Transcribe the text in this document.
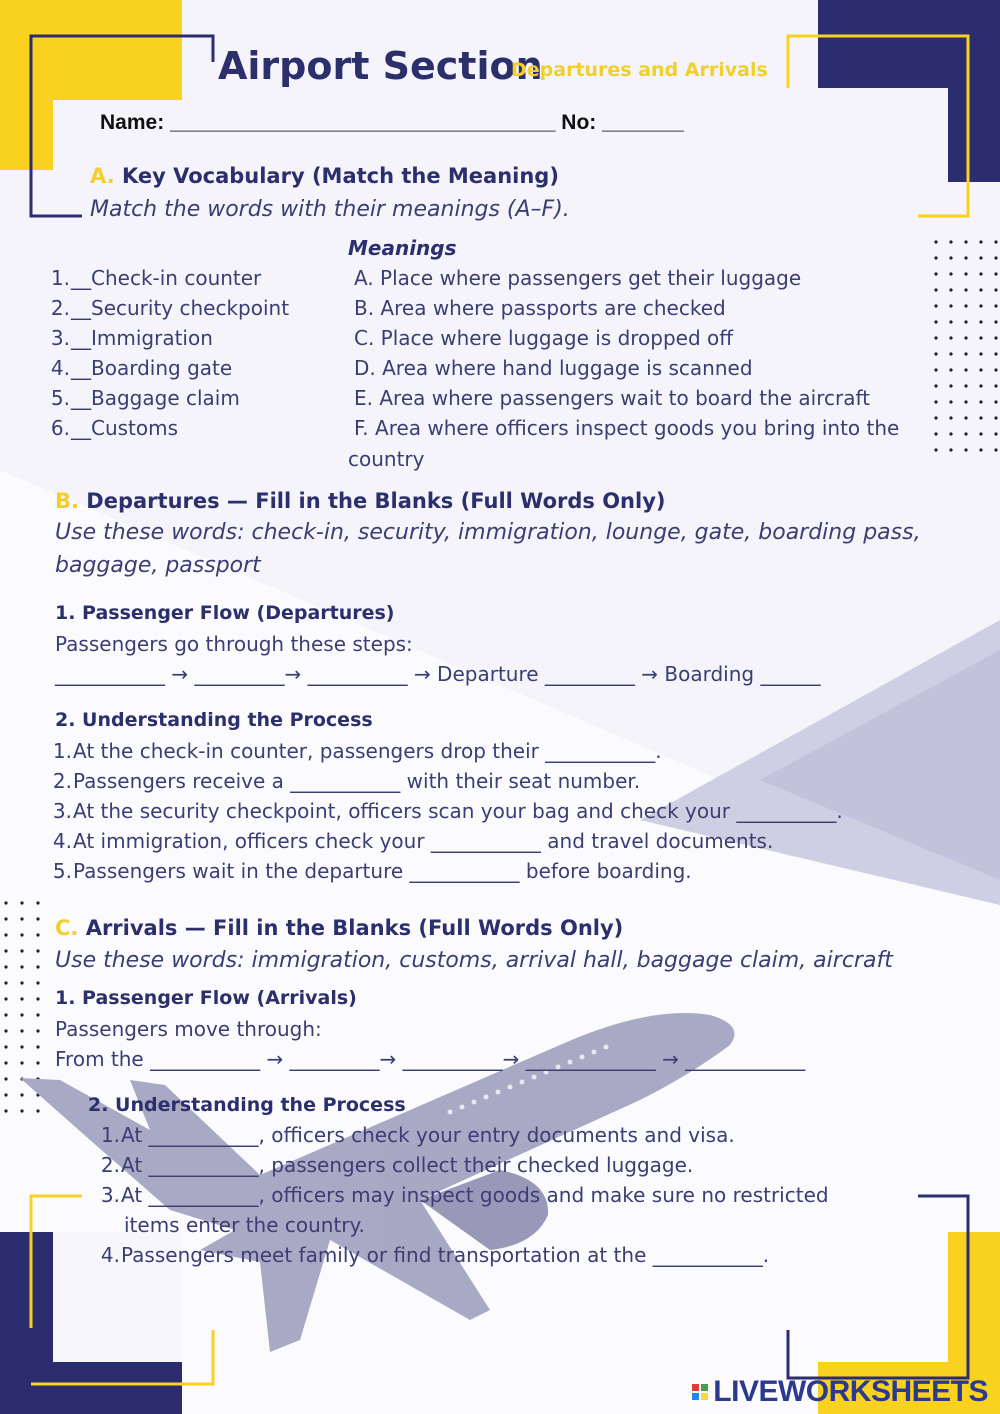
Airport Section
Departures and Arrivals
Name: _________________________________ No: _______
A. Key Vocabulary (Match the Meaning)
Match the words with their meanings (A–F).
Meanings
1.__Check-in counter
2.__Security checkpoint
3.__Immigration
4.__Boarding gate
5.__Baggage claim
6.__Customs
A. Place where passengers get their luggage
B. Area where passports are checked
C. Place where luggage is dropped off
D. Area where hand luggage is scanned
E. Area where passengers wait to board the aircraft
F. Area where officers inspect goods you bring into the
country
B. Departures — Fill in the Blanks (Full Words Only)
Use these words: check-in, security, immigration, lounge, gate, boarding pass,
baggage, passport
1. Passenger Flow (Departures)
Passengers go through these steps:
___________ → _________→ __________ → Departure _________ → Boarding ______
2. Understanding the Process
1.At the check-in counter, passengers drop their ___________.
2.Passengers receive a ___________ with their seat number.
3.At the security checkpoint, officers scan your bag and check your __________.
4.At immigration, officers check your ___________ and travel documents.
5.Passengers wait in the departure ___________ before boarding.
C. Arrivals — Fill in the Blanks (Full Words Only)
Use these words: immigration, customs, arrival hall, baggage claim, aircraft
1. Passenger Flow (Arrivals)
Passengers move through:
From the ___________ → _________→ __________→ _____________ → ____________
2. Understanding the Process
1.At ___________, officers check your entry documents and visa.
2.At ___________, passengers collect their checked luggage.
3.At ___________, officers may inspect goods and make sure no restricted
items enter the country.
4.Passengers meet family or find transportation at the ___________.
LIVEWORKSHEETS
